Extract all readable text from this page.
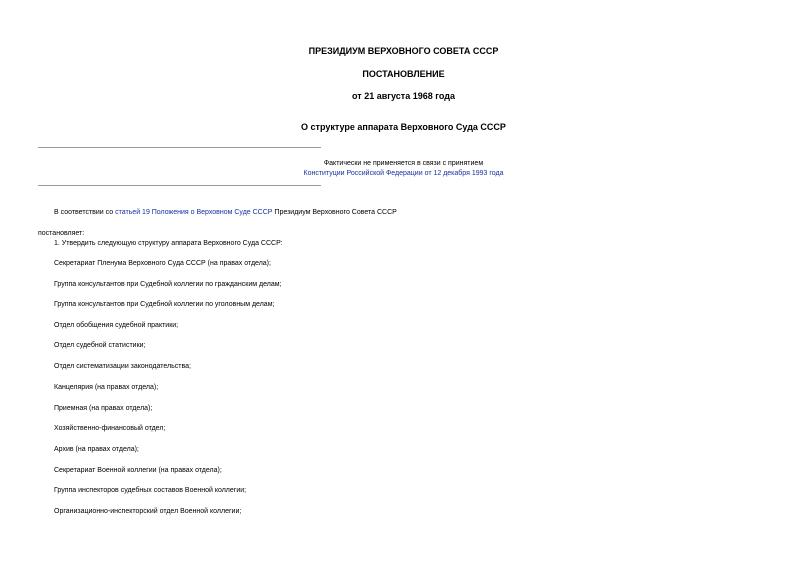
ПРЕЗИДИУМ ВЕРХОВНОГО СОВЕТА СССР
ПОСТАНОВЛЕНИЕ
от 21 августа 1968 года
О структуре аппарата Верховного Суда СССР
Фактически не применяется в связи с принятием
Конституции Российской Федерации от 12 декабря 1993 года
В соответствии со статьей 19 Положения о Верховном Суде СССР Президиум Верховного Совета СССР
постановляет:
1. Утвердить следующую структуру аппарата Верховного Суда СССР:
Секретариат Пленума Верховного Суда СССР (на правах отдела);
Группа консультантов при Судебной коллегии по гражданским делам;
Группа консультантов при Судебной коллегии по уголовным делам;
Отдел обобщения судебной практики;
Отдел судебной статистики;
Отдел систематизации законодательства;
Канцелярия (на правах отдела);
Приемная (на правах отдела);
Хозяйственно-финансовый отдел;
Архив (на правах отдела);
Секретариат Военной коллегии (на правах отдела);
Группа инспекторов судебных составов Военной коллегии;
Организационно-инспекторский отдел Военной коллегии;
